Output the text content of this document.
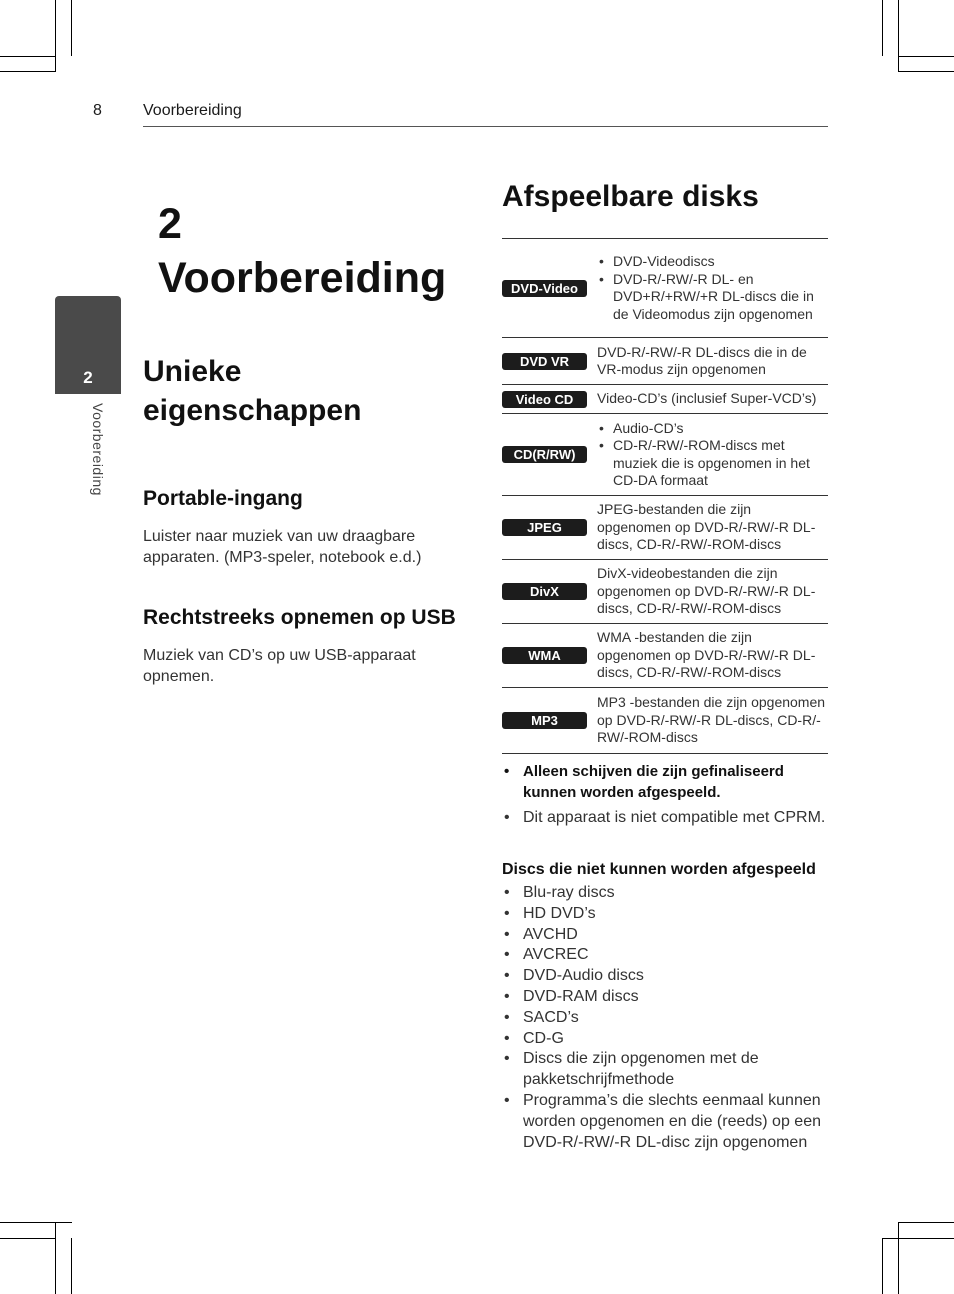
8	Voorbereiding
2
Voorbereiding
2
Voorbereiding
Unieke eigenschappen
Portable-ingang

Luister naar muziek van uw draagbare apparaten. (MP3-speler, notebook e.d.)

Rechtstreeks opnemen op USB

Muziek van CD’s op uw USB-apparaat opnemen.

Afspeelbare disks
DVD-Video
• DVD-Videodiscs
• DVD-R/-RW/-R DL- en DVD+R/+RW/+R DL-discs die in de Videomodus zijn opgenomen
DVD VR
DVD-R/-RW/-R DL-discs die in de VR-modus zijn opgenomen
Video CD	Video-CD’s (inclusief Super-VCD’s)
CD(R/RW)
• Audio-CD’s
• CD-R/-RW/-ROM-discs met muziek die is opgenomen in het CD-DA formaat
JPEG
JPEG-bestanden die zijn opgenomen op DVD-R/-RW/-R DL-discs, CD-R/-RW/-ROM-discs
DivX
DivX-videobestanden die zijn opgenomen op DVD-R/-RW/-R DL-discs, CD-R/-RW/-ROM-discs
WMA
WMA -bestanden die zijn opgenomen op DVD-R/-RW/-R DL-discs, CD-R/-RW/-ROM-discs
MP3
MP3 -bestanden die zijn opgenomen op DVD-R/-RW/-R DL-discs, CD-R/-RW/-ROM-discs
• Alleen schijven die zijn gefinaliseerd kunnen worden afgespeeld.
• Dit apparaat is niet compatible met CPRM.
Discs die niet kunnen worden afgespeeld
• Blu-ray discs
• HD DVD’s
• AVCHD
• AVCREC
• DVD-Audio discs
• DVD-RAM discs
• SACD’s
• CD-G
• Discs die zijn opgenomen met de pakketschrijfmethode
• Programma’s die slechts eenmaal kunnen worden opgenomen en die (reeds) op een DVD-R/-RW/-R DL-disc zijn opgenomen
